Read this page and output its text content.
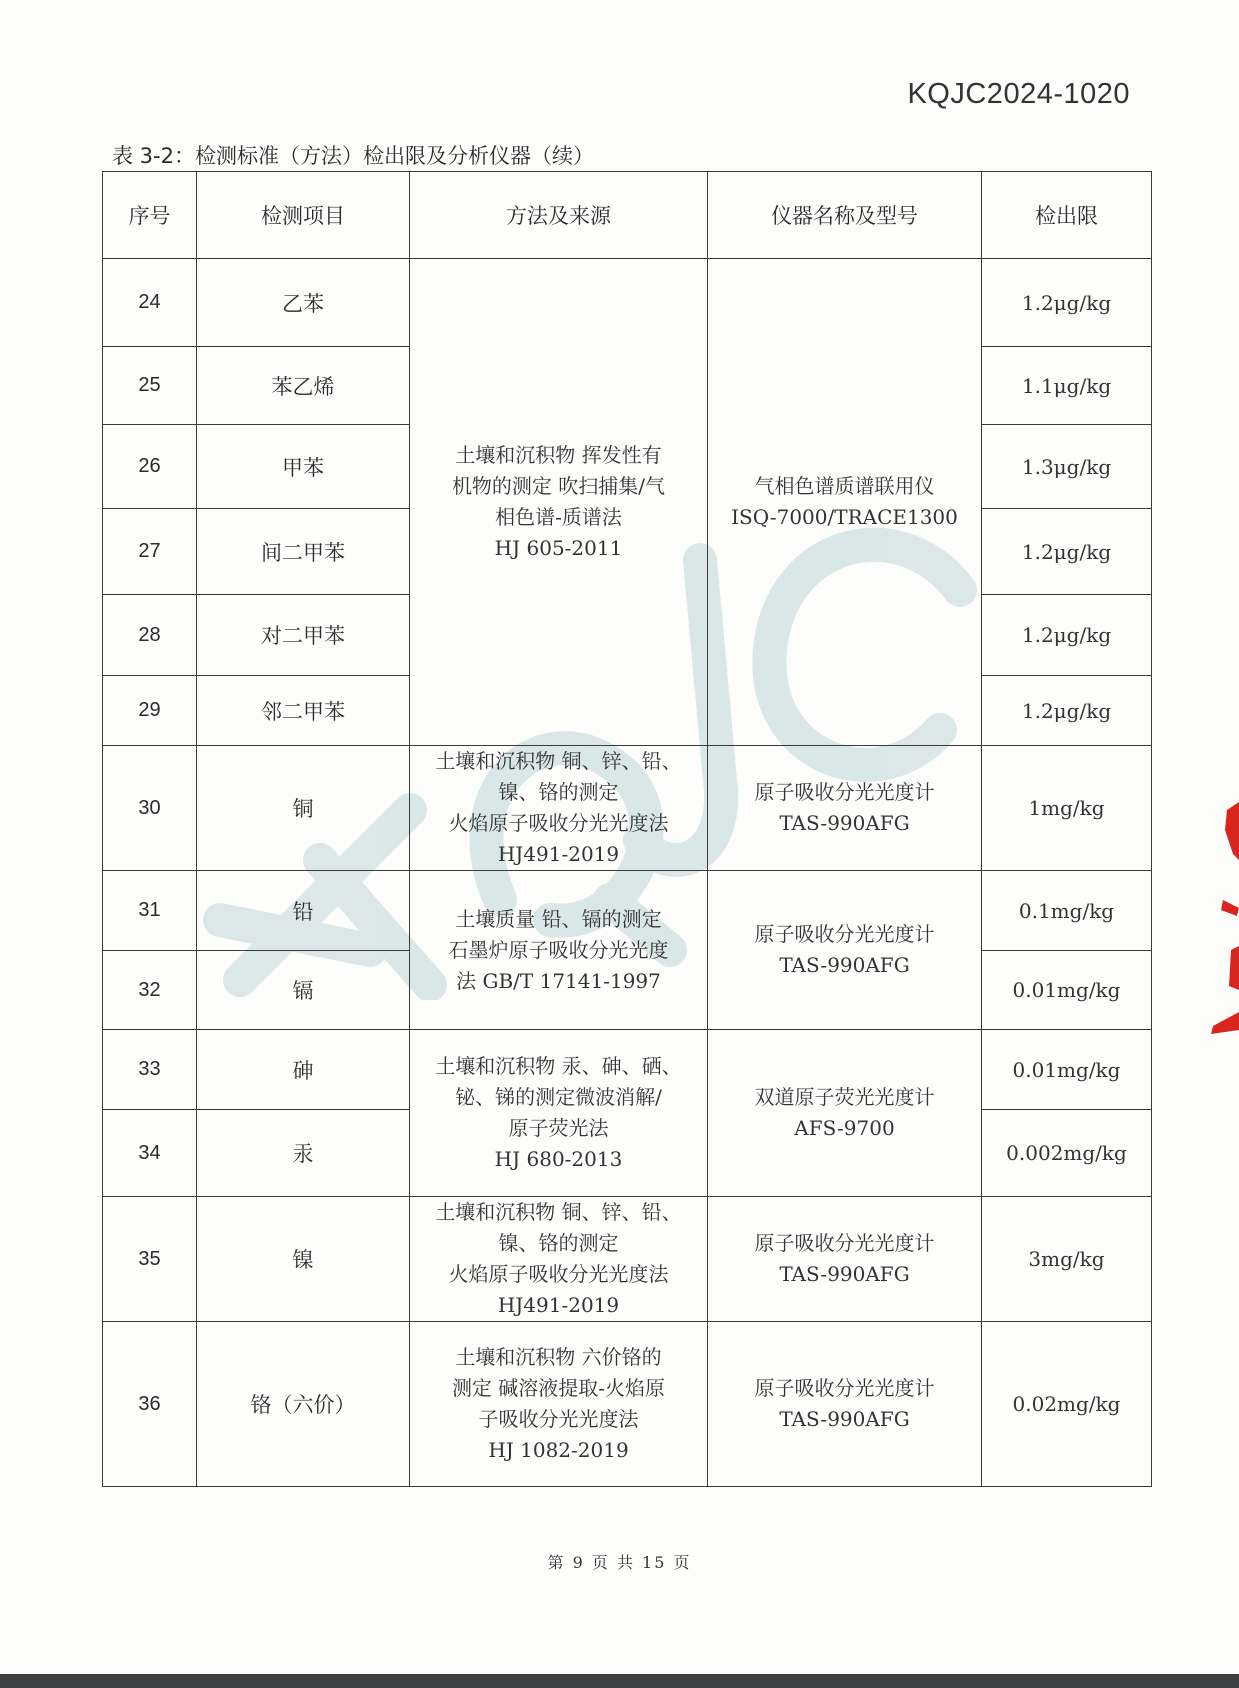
KQJC2024-1020
表 3-2：检测标准（方法）检出限及分析仪器（续）
序号	检测项目	方法及来源	仪器名称及型号	检出限
24	乙苯	土壤和沉积物 挥发性有
机物的测定 吹扫捕集/气
相色谱-质谱法
HJ 605-2011	气相色谱质谱联用仪
ISQ-7000/TRACE1300	1.2μg/kg
25	苯乙烯			1.1μg/kg
26	甲苯			1.3μg/kg
27	间二甲苯			1.2μg/kg
28	对二甲苯			1.2μg/kg
29	邻二甲苯			1.2μg/kg
30	铜	土壤和沉积物 铜、锌、铅、
镍、铬的测定
火焰原子吸收分光光度法
HJ491-2019	原子吸收分光光度计
TAS-990AFG	1mg/kg
31	铅	土壤质量 铅、镉的测定
石墨炉原子吸收分光光度
法 GB/T 17141-1997	原子吸收分光光度计
TAS-990AFG	0.1mg/kg
32	镉			0.01mg/kg
33	砷	土壤和沉积物 汞、砷、硒、
铋、锑的测定微波消解/
原子荧光法
HJ 680-2013	双道原子荧光光度计
AFS-9700	0.01mg/kg
34	汞			0.002mg/kg
35	镍	土壤和沉积物 铜、锌、铅、
镍、铬的测定
火焰原子吸收分光光度法
HJ491-2019	原子吸收分光光度计
TAS-990AFG	3mg/kg
36	铬（六价）	土壤和沉积物 六价铬的
测定 碱溶液提取-火焰原
子吸收分光光度法
HJ 1082-2019	原子吸收分光光度计
TAS-990AFG	0.02mg/kg
第 9 页 共 15 页
